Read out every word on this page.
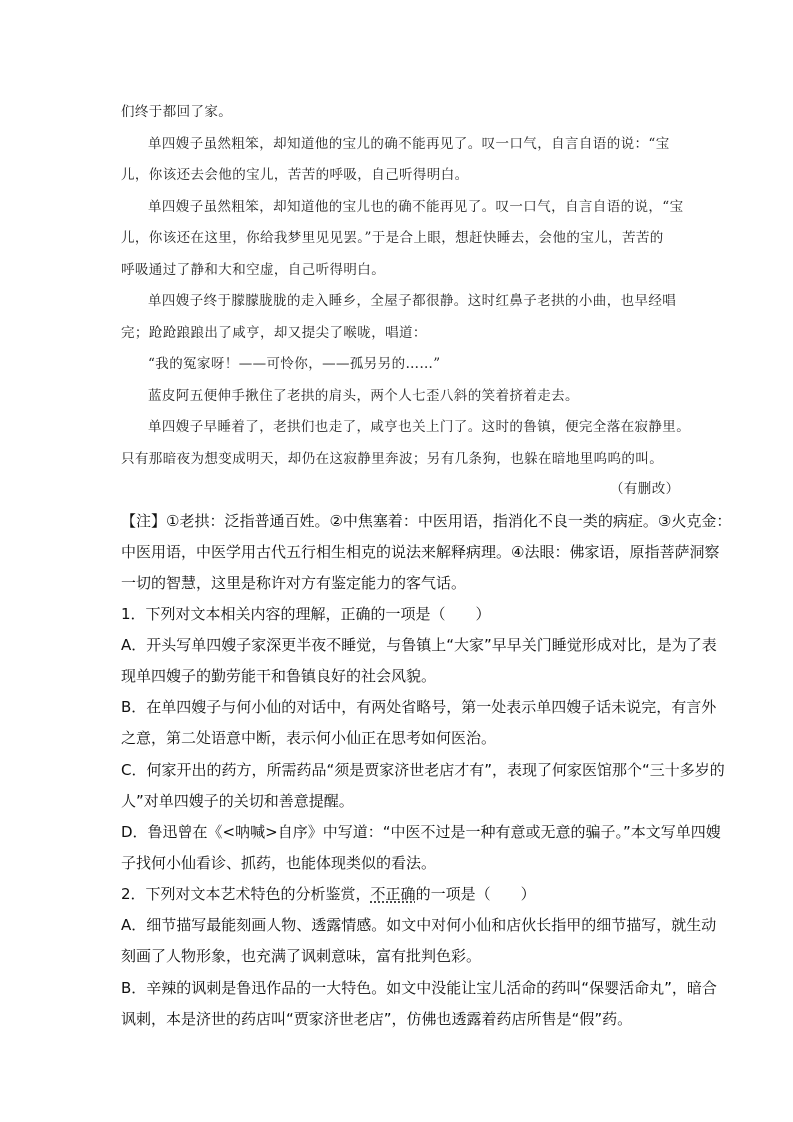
们终于都回了家。
单四嫂子虽然粗笨，却知道他的宝儿的确不能再见了。叹一口气，自言自语的说：“宝
儿，你该还去会他的宝儿，苦苦的呼吸，自己听得明白。
单四嫂子虽然粗笨，却知道他的宝儿也的确不能再见了。叹一口气，自言自语的说，“宝
儿，你该还在这里，你给我梦里见见罢。”于是合上眼，想赶快睡去，会他的宝儿，苦苦的
呼吸通过了静和大和空虚，自己听得明白。
单四嫂子终于朦朦胧胧的走入睡乡，全屋子都很静。这时红鼻子老拱的小曲，也早经唱
完；跄跄踉踉出了咸亨，却又提尖了喉咙，唱道：
“我的冤家呀！——可怜你，——孤另另的……”
蓝皮阿五便伸手揪住了老拱的肩头，两个人七歪八斜的笑着挤着走去。
单四嫂子早睡着了，老拱们也走了，咸亨也关上门了。这时的鲁镇，便完全落在寂静里。
只有那暗夜为想变成明天，却仍在这寂静里奔波；另有几条狗，也躲在暗地里呜呜的叫。
（有删改）
【注】①老拱：泛指普通百姓。②中焦塞着：中医用语，指消化不良一类的病症。③火克金：
中医用语，中医学用古代五行相生相克的说法来解释病理。④法眼：佛家语，原指菩萨洞察
一切的智慧，这里是称许对方有鉴定能力的客气话。
1．下列对文本相关内容的理解，正确的一项是（　　）
A．开头写单四嫂子家深更半夜不睡觉，与鲁镇上“大家”早早关门睡觉形成对比，是为了表
现单四嫂子的勤劳能干和鲁镇良好的社会风貌。
B．在单四嫂子与何小仙的对话中，有两处省略号，第一处表示单四嫂子话未说完，有言外
之意，第二处语意中断，表示何小仙正在思考如何医治。
C．何家开出的药方，所需药品“须是贾家济世老店才有”，表现了何家医馆那个“三十多岁的
人”对单四嫂子的关切和善意提醒。
D．鲁迅曾在《<呐喊>自序》中写道：“中医不过是一种有意或无意的骗子。”本文写单四嫂
子找何小仙看诊、抓药，也能体现类似的看法。
2．下列对文本艺术特色的分析鉴赏，不正确的一项是（　　）
A．细节描写最能刻画人物、透露情感。如文中对何小仙和店伙长指甲的细节描写，就生动
刻画了人物形象，也充满了讽刺意味，富有批判色彩。
B．辛辣的讽刺是鲁迅作品的一大特色。如文中没能让宝儿活命的药叫“保婴活命丸”，暗合
讽刺，本是济世的药店叫“贾家济世老店”，仿佛也透露着药店所售是“假”药。
